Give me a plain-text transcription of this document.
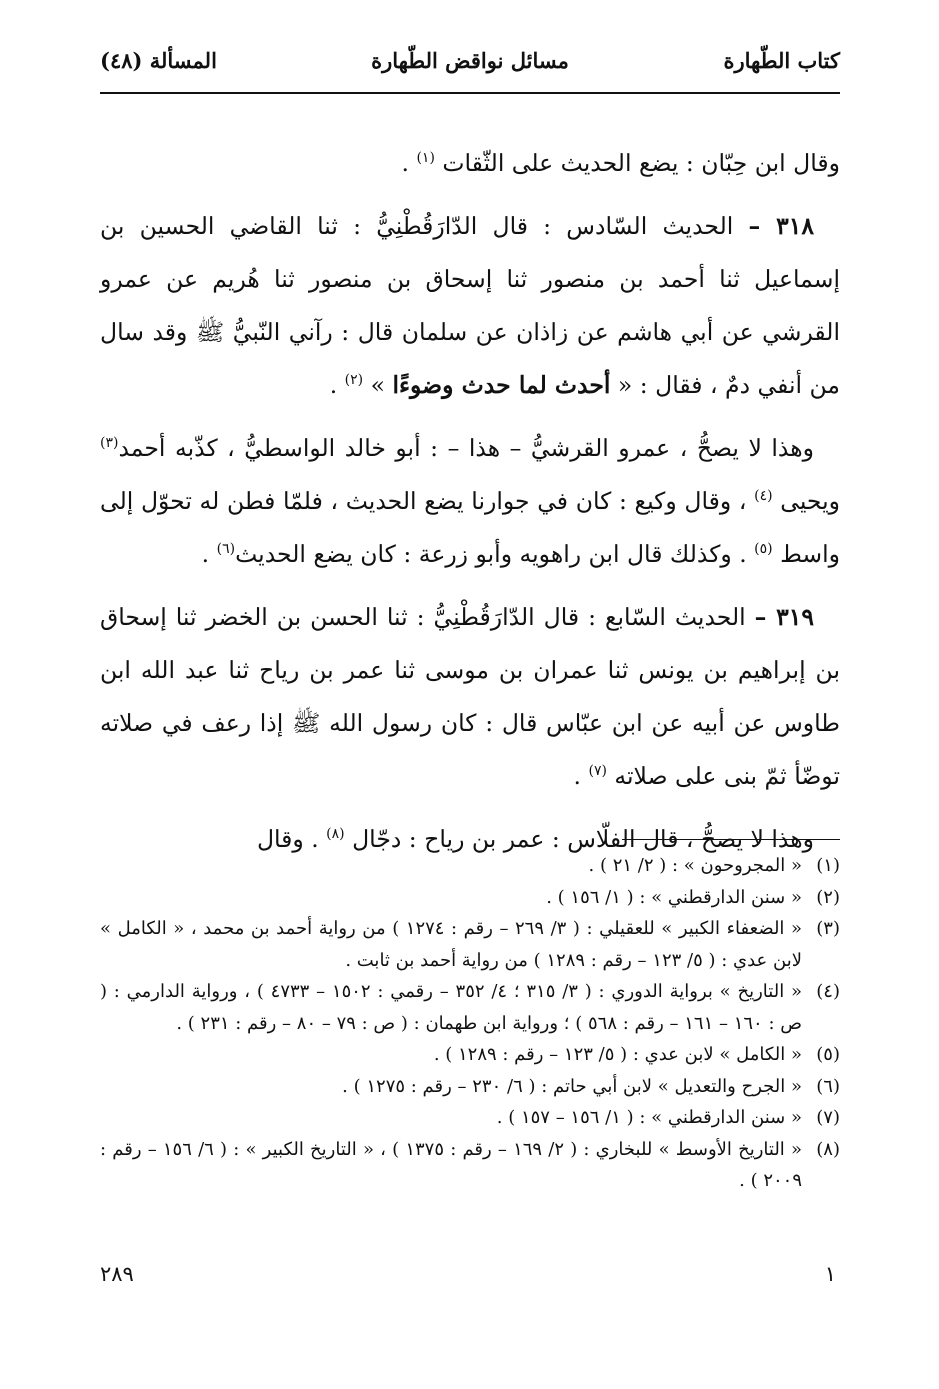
كتاب الطّهارة
مسائل نواقض الطّهارة
المسألة (٤٨)

وقال ابن حِبّان : يضع الحديث على الثّقات $^{(١)}$ .

٣١٨ – الحديث السّادس : قال الدّارَقُطْنِيُّ : ثنا القاضي الحسين بن إسماعيل ثنا أحمد بن منصور ثنا إسحاق بن منصور ثنا هُريم عن عمرو القرشي عن أبي هاشم عن زاذان عن سلمان قال : رآني النّبيُّ ﷺ وقد سال من أنفي دمٌ ، فقال : « أحدث لما حدث وضوءًا » $^{(٢)}$ .

وهذا لا يصحُّ ، عمرو القرشيُّ – هذا – : أبو خالد الواسطيُّ ، كذّبه أحمد$^{(٣)}$ ويحيى $^{(٤)}$ ، وقال وكيع : كان في جوارنا يضع الحديث ، فلمّا فطن له تحوّل إلى واسط $^{(٥)}$ . وكذلك قال ابن راهويه وأبو زرعة : كان يضع الحديث$^{(٦)}$ .

٣١٩ – الحديث السّابع : قال الدّارَقُطْنِيُّ : ثنا الحسن بن الخضر ثنا إسحاق بن إبراهيم بن يونس ثنا عمران بن موسى ثنا عمر بن رياح ثنا عبد الله ابن طاوس عن أبيه عن ابن عبّاس قال : كان رسول الله ﷺ إذا رعف في صلاته توضّأ ثمّ بنى على صلاته $^{(٧)}$ .

وهذا لا يصحُّ ، قال الفلّاس : عمر بن رياح : دجّال $^{(٨)}$ . وقال

(١)
« المجروحون » : ( ٢/ ٢١ ) .
(٢)
« سنن الدارقطني » : ( ١/ ١٥٦ ) .
(٣)
« الضعفاء الكبير » للعقيلي : ( ٣/ ٢٦٩ – رقم : ١٢٧٤ ) من رواية أحمد بن محمد ، « الكامل » لابن عدي : ( ٥/ ١٢٣ – رقم : ١٢٨٩ ) من رواية أحمد بن ثابت .
(٤)
« التاريخ » برواية الدوري : ( ٣/ ٣١٥ ؛ ٤/ ٣٥٢ – رقمي : ١٥٠٢ – ٤٧٣٣ ) ، ورواية الدارمي : ( ص : ١٦٠ – ١٦١ – رقم : ٥٦٨ ) ؛ ورواية ابن طهمان : ( ص : ٧٩ – ٨٠ – رقم : ٢٣١ ) .
(٥)
« الكامل » لابن عدي : ( ٥/ ١٢٣ – رقم : ١٢٨٩ ) .
(٦)
« الجرح والتعديل » لابن أبي حاتم : ( ٦/ ٢٣٠ – رقم : ١٢٧٥ ) .
(٧)
« سنن الدارقطني » : ( ١/ ١٥٦ – ١٥٧ ) .
(٨)
« التاريخ الأوسط » للبخاري : ( ٢/ ١٦٩ – رقم : ١٣٧٥ ) ، « التاريخ الكبير » : ( ٦/ ١٥٦ – رقم : ٢٠٠٩ ) .
١
٢٨٩
